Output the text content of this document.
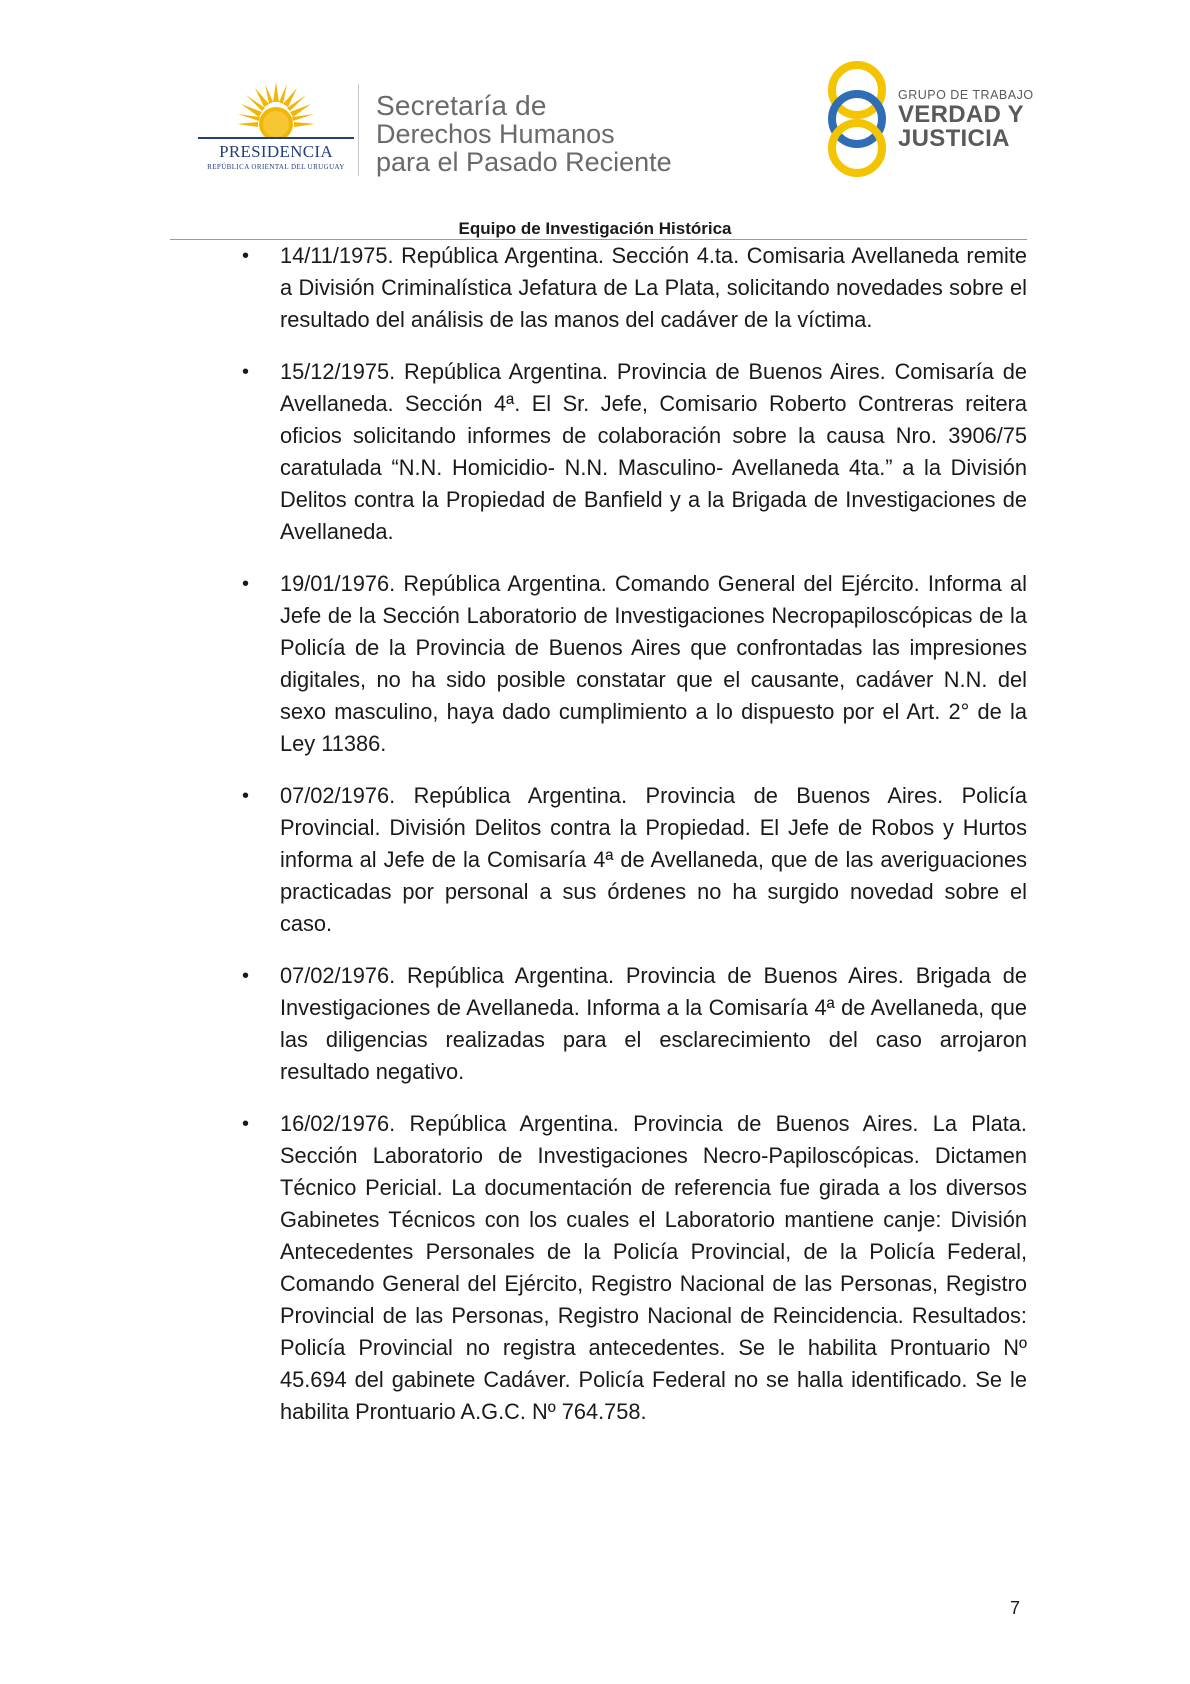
PRESIDENCIA
REPÚBLICA ORIENTAL DEL URUGUAY
Secretaría de
Derechos Humanos
para el Pasado Reciente
GRUPO DE TRABAJO
VERDAD Y
JUSTICIA
Equipo de Investigación Histórica
• 14/11/1975. República Argentina. Sección 4.ta. Comisaria Avellaneda remite a División Criminalística Jefatura de La Plata, solicitando novedades sobre el resultado del análisis de las manos del cadáver de la víctima.
• 15/12/1975. República Argentina. Provincia de Buenos Aires. Comisaría de Avellaneda. Sección 4ª. El Sr. Jefe, Comisario Roberto Contreras reitera oficios solicitando informes de colaboración sobre la causa Nro. 3906/75 caratulada “N.N. Homicidio- N.N. Masculino- Avellaneda 4ta.” a la División Delitos contra la Propiedad de Banfield y a la Brigada de Investigaciones de Avellaneda.
• 19/01/1976. República Argentina. Comando General del Ejército. Informa al Jefe de la Sección Laboratorio de Investigaciones Necropapiloscópicas de la Policía de la Provincia de Buenos Aires que confrontadas las impresiones digitales, no ha sido posible constatar que el causante, cadáver N.N. del sexo masculino, haya dado cumplimiento a lo dispuesto por el Art. 2° de la Ley 11386.
• 07/02/1976. República Argentina. Provincia de Buenos Aires. Policía Provincial. División Delitos contra la Propiedad. El Jefe de Robos y Hurtos informa al Jefe de la Comisaría 4ª de Avellaneda, que de las averiguaciones practicadas por personal a sus órdenes no ha surgido novedad sobre el caso.
• 07/02/1976. República Argentina. Provincia de Buenos Aires. Brigada de Investigaciones de Avellaneda. Informa a la Comisaría 4ª de Avellaneda, que las diligencias realizadas para el esclarecimiento del caso arrojaron resultado negativo.
• 16/02/1976. República Argentina. Provincia de Buenos Aires. La Plata. Sección Laboratorio de Investigaciones Necro-Papiloscópicas. Dictamen Técnico Pericial. La documentación de referencia fue girada a los diversos Gabinetes Técnicos con los cuales el Laboratorio mantiene canje: División Antecedentes Personales de la Policía Provincial, de la Policía Federal, Comando General del Ejército, Registro Nacional de las Personas, Registro Provincial de las Personas, Registro Nacional de Reincidencia. Resultados: Policía Provincial no registra antecedentes. Se le habilita Prontuario Nº 45.694 del gabinete Cadáver. Policía Federal no se halla identificado. Se le habilita Prontuario A.G.C. Nº 764.758.
7
